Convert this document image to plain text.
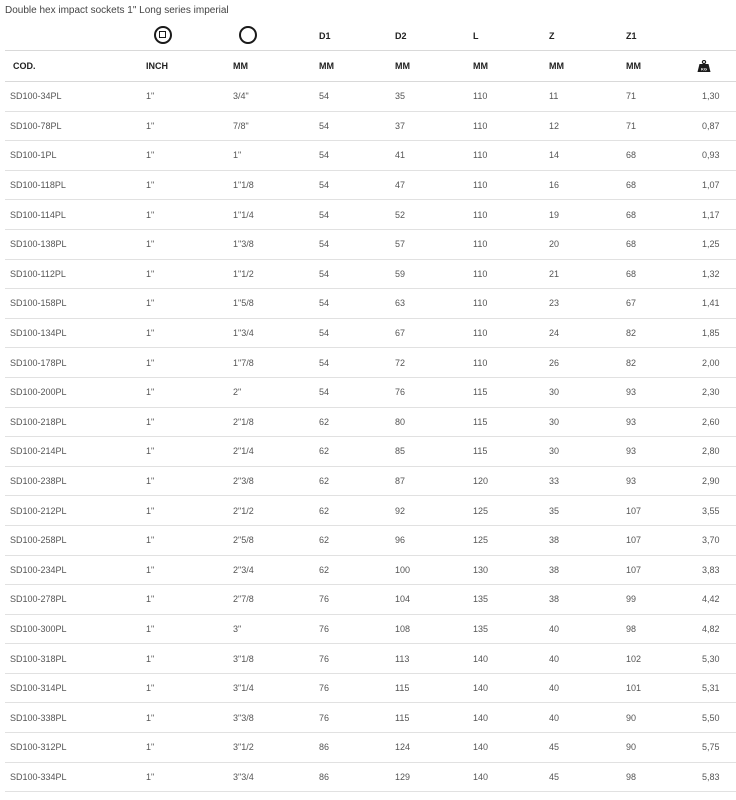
Double hex impact sockets 1" Long series imperial
			D1	D2	L	Z	Z1	
COD.	INCH	MM	MM	MM	MM	MM	MM	KG

SD100-34PL	1"	3/4"	54	35	110	11	71	1,30
SD100-78PL	1"	7/8"	54	37	110	12	71	0,87
SD100-1PL	1"	1"	54	41	110	14	68	0,93
SD100-118PL	1"	1"1/8	54	47	110	16	68	1,07
SD100-114PL	1"	1"1/4	54	52	110	19	68	1,17
SD100-138PL	1"	1"3/8	54	57	110	20	68	1,25
SD100-112PL	1"	1"1/2	54	59	110	21	68	1,32
SD100-158PL	1"	1"5/8	54	63	110	23	67	1,41
SD100-134PL	1"	1"3/4	54	67	110	24	82	1,85
SD100-178PL	1"	1"7/8	54	72	110	26	82	2,00
SD100-200PL	1"	2"	54	76	115	30	93	2,30
SD100-218PL	1"	2"1/8	62	80	115	30	93	2,60
SD100-214PL	1"	2"1/4	62	85	115	30	93	2,80
SD100-238PL	1"	2"3/8	62	87	120	33	93	2,90
SD100-212PL	1"	2"1/2	62	92	125	35	107	3,55
SD100-258PL	1"	2"5/8	62	96	125	38	107	3,70
SD100-234PL	1"	2"3/4	62	100	130	38	107	3,83
SD100-278PL	1"	2"7/8	76	104	135	38	99	4,42
SD100-300PL	1"	3"	76	108	135	40	98	4,82
SD100-318PL	1"	3"1/8	76	113	140	40	102	5,30
SD100-314PL	1"	3"1/4	76	115	140	40	101	5,31
SD100-338PL	1"	3"3/8	76	115	140	40	90	5,50
SD100-312PL	1"	3"1/2	86	124	140	45	90	5,75
SD100-334PL	1"	3"3/4	86	129	140	45	98	5,83
